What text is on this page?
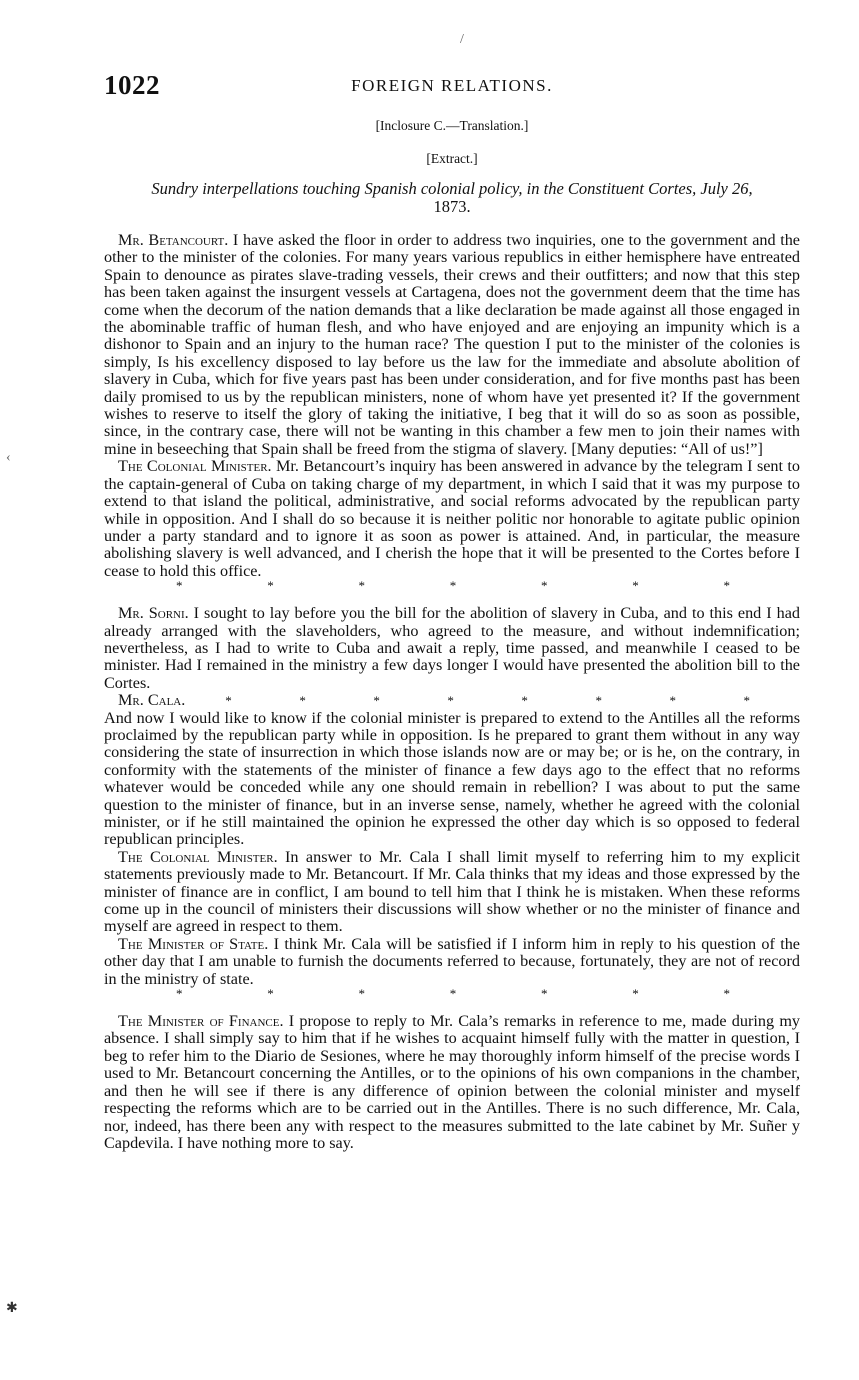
1022	FOREIGN RELATIONS.
[Inclosure C.—Translation.]
[Extract.]
Sundry interpellations touching Spanish colonial policy, in the Constituent Cortes, July 26,
1873.

Mr. Betancourt. I have asked the floor in order to address two inquiries, one to the government and the other to the minister of the colonies. For many years various republics in either hemisphere have entreated Spain to denounce as pirates slave-trading vessels, their crews and their outfitters; and now that this step has been taken against the insurgent vessels at Cartagena, does not the government deem that the time has come when the decorum of the nation demands that a like declaration be made against all those engaged in the abominable traffic of human flesh, and who have enjoyed and are enjoying an impunity which is a dishonor to Spain and an injury to the human race? The question I put to the minister of the colonies is simply, Is his excellency disposed to lay before us the law for the immediate and absolute abolition of slavery in Cuba, which for five years past has been under consideration, and for five months past has been daily promised to us by the republican ministers, none of whom have yet presented it? If the government wishes to reserve to itself the glory of taking the initiative, I beg that it will do so as soon as possible, since, in the contrary case, there will not be wanting in this chamber a few men to join their names with mine in beseeching that Spain shall be freed from the stigma of slavery. [Many deputies: “All of us!”]

The Colonial Minister. Mr. Betancourt’s inquiry has been answered in advance by the telegram I sent to the captain-general of Cuba on taking charge of my department, in which I said that it was my purpose to extend to that island the political, administrative, and social reforms advocated by the republican party while in opposition. And I shall do so because it is neither politic nor honorable to agitate public opinion under a party standard and to ignore it as soon as power is attained. And, in particular, the measure abolishing slavery is well advanced, and I cherish the hope that it will be presented to the Cortes before I cease to hold this office.

*	*	*	*	*	*	*

Mr. Sorni. I sought to lay before you the bill for the abolition of slavery in Cuba, and to this end I had already arranged with the slaveholders, who agreed to the measure, and without indemnification; nevertheless, as I had to write to Cuba and await a reply, time passed, and meanwhile I ceased to be minister. Had I remained in the ministry a few days longer I would have presented the abolition bill to the Cortes.

Mr. Cala.	*	*	*	*	*	*	*	*

And now I would like to know if the colonial minister is prepared to extend to the Antilles all the reforms proclaimed by the republican party while in opposition. Is he prepared to grant them without in any way considering the state of insurrection in which those islands now are or may be; or is he, on the contrary, in conformity with the statements of the minister of finance a few days ago to the effect that no reforms whatever would be conceded while any one should remain in rebellion? I was about to put the same question to the minister of finance, but in an inverse sense, namely, whether he agreed with the colonial minister, or if he still maintained the opinion he expressed the other day which is so opposed to federal republican principles.

The Colonial Minister. In answer to Mr. Cala I shall limit myself to referring him to my explicit statements previously made to Mr. Betancourt. If Mr. Cala thinks that my ideas and those expressed by the minister of finance are in conflict, I am bound to tell him that I think he is mistaken. When these reforms come up in the council of ministers their discussions will show whether or no the minister of finance and myself are agreed in respect to them.

The Minister of State. I think Mr. Cala will be satisfied if I inform him in reply to his question of the other day that I am unable to furnish the documents referred to because, fortunately, they are not of record in the ministry of state.

*	*	*	*	*	*	*

The Minister of Finance. I propose to reply to Mr. Cala’s remarks in reference to me, made during my absence. I shall simply say to him that if he wishes to acquaint himself fully with the matter in question, I beg to refer him to the Diario de Sesiones, where he may thoroughly inform himself of the precise words I used to Mr. Betancourt concerning the Antilles, or to the opinions of his own companions in the chamber, and then he will see if there is any difference of opinion between the colonial minister and myself respecting the reforms which are to be carried out in the Antilles. There is no such difference, Mr. Cala, nor, indeed, has there been any with respect to the measures submitted to the late cabinet by Mr. Suñer y Capdevila. I have nothing more to say.

/
‹
✱
